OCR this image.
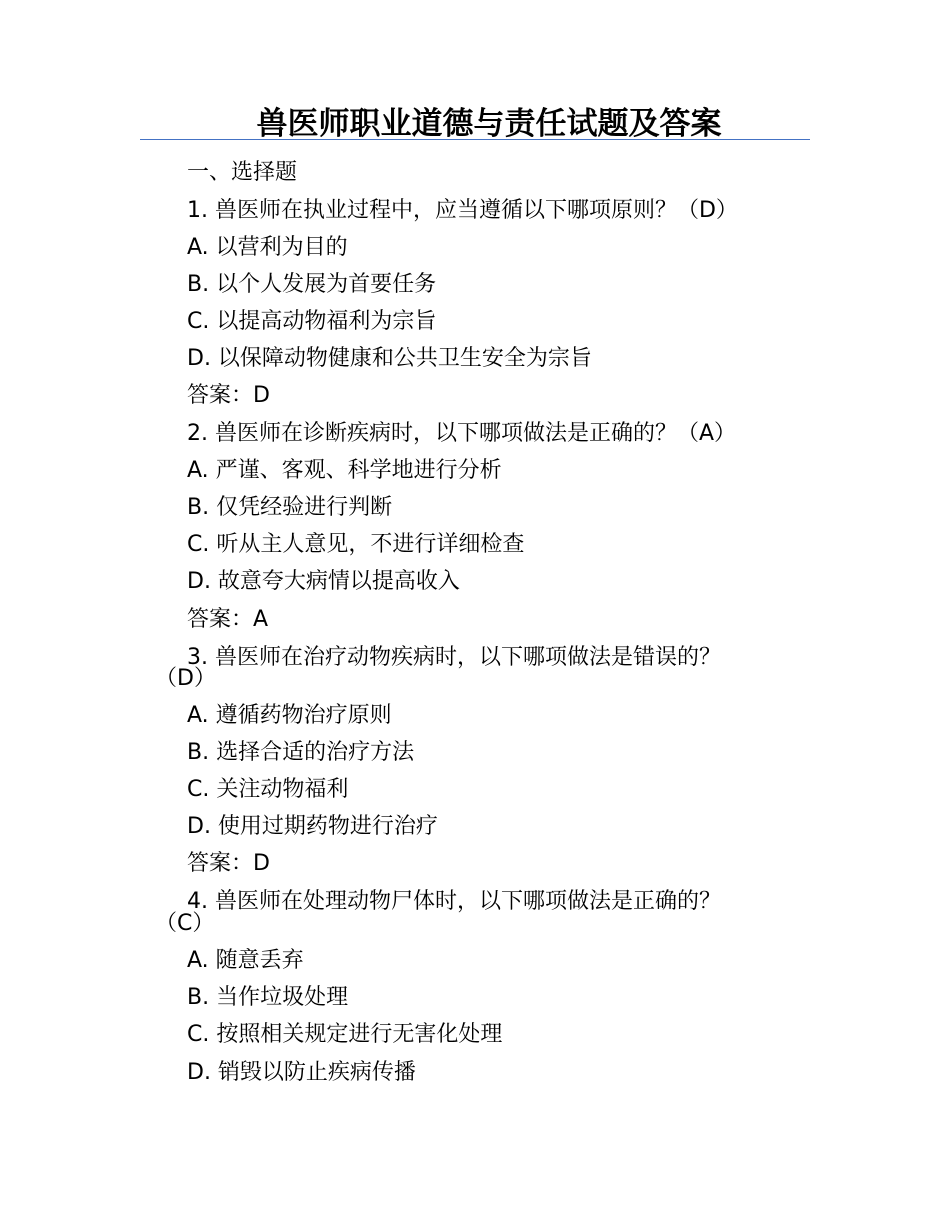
兽医师职业道德与责任试题及答案

一、选择题

1. 兽医师在执业过程中，应当遵循以下哪项原则？（D）

A. 以营利为目的

B. 以个人发展为首要任务

C. 以提高动物福利为宗旨

D. 以保障动物健康和公共卫生安全为宗旨

答案：D

2. 兽医师在诊断疾病时，以下哪项做法是正确的？（A）

A. 严谨、客观、科学地进行分析

B. 仅凭经验进行判断

C. 听从主人意见，不进行详细检查

D. 故意夸大病情以提高收入

答案：A

3. 兽医师在治疗动物疾病时，以下哪项做法是错误的？

（D）

A. 遵循药物治疗原则

B. 选择合适的治疗方法

C. 关注动物福利

D. 使用过期药物进行治疗

答案：D

4. 兽医师在处理动物尸体时，以下哪项做法是正确的？

（C）

A. 随意丢弃

B. 当作垃圾处理

C. 按照相关规定进行无害化处理

D. 销毁以防止疾病传播
